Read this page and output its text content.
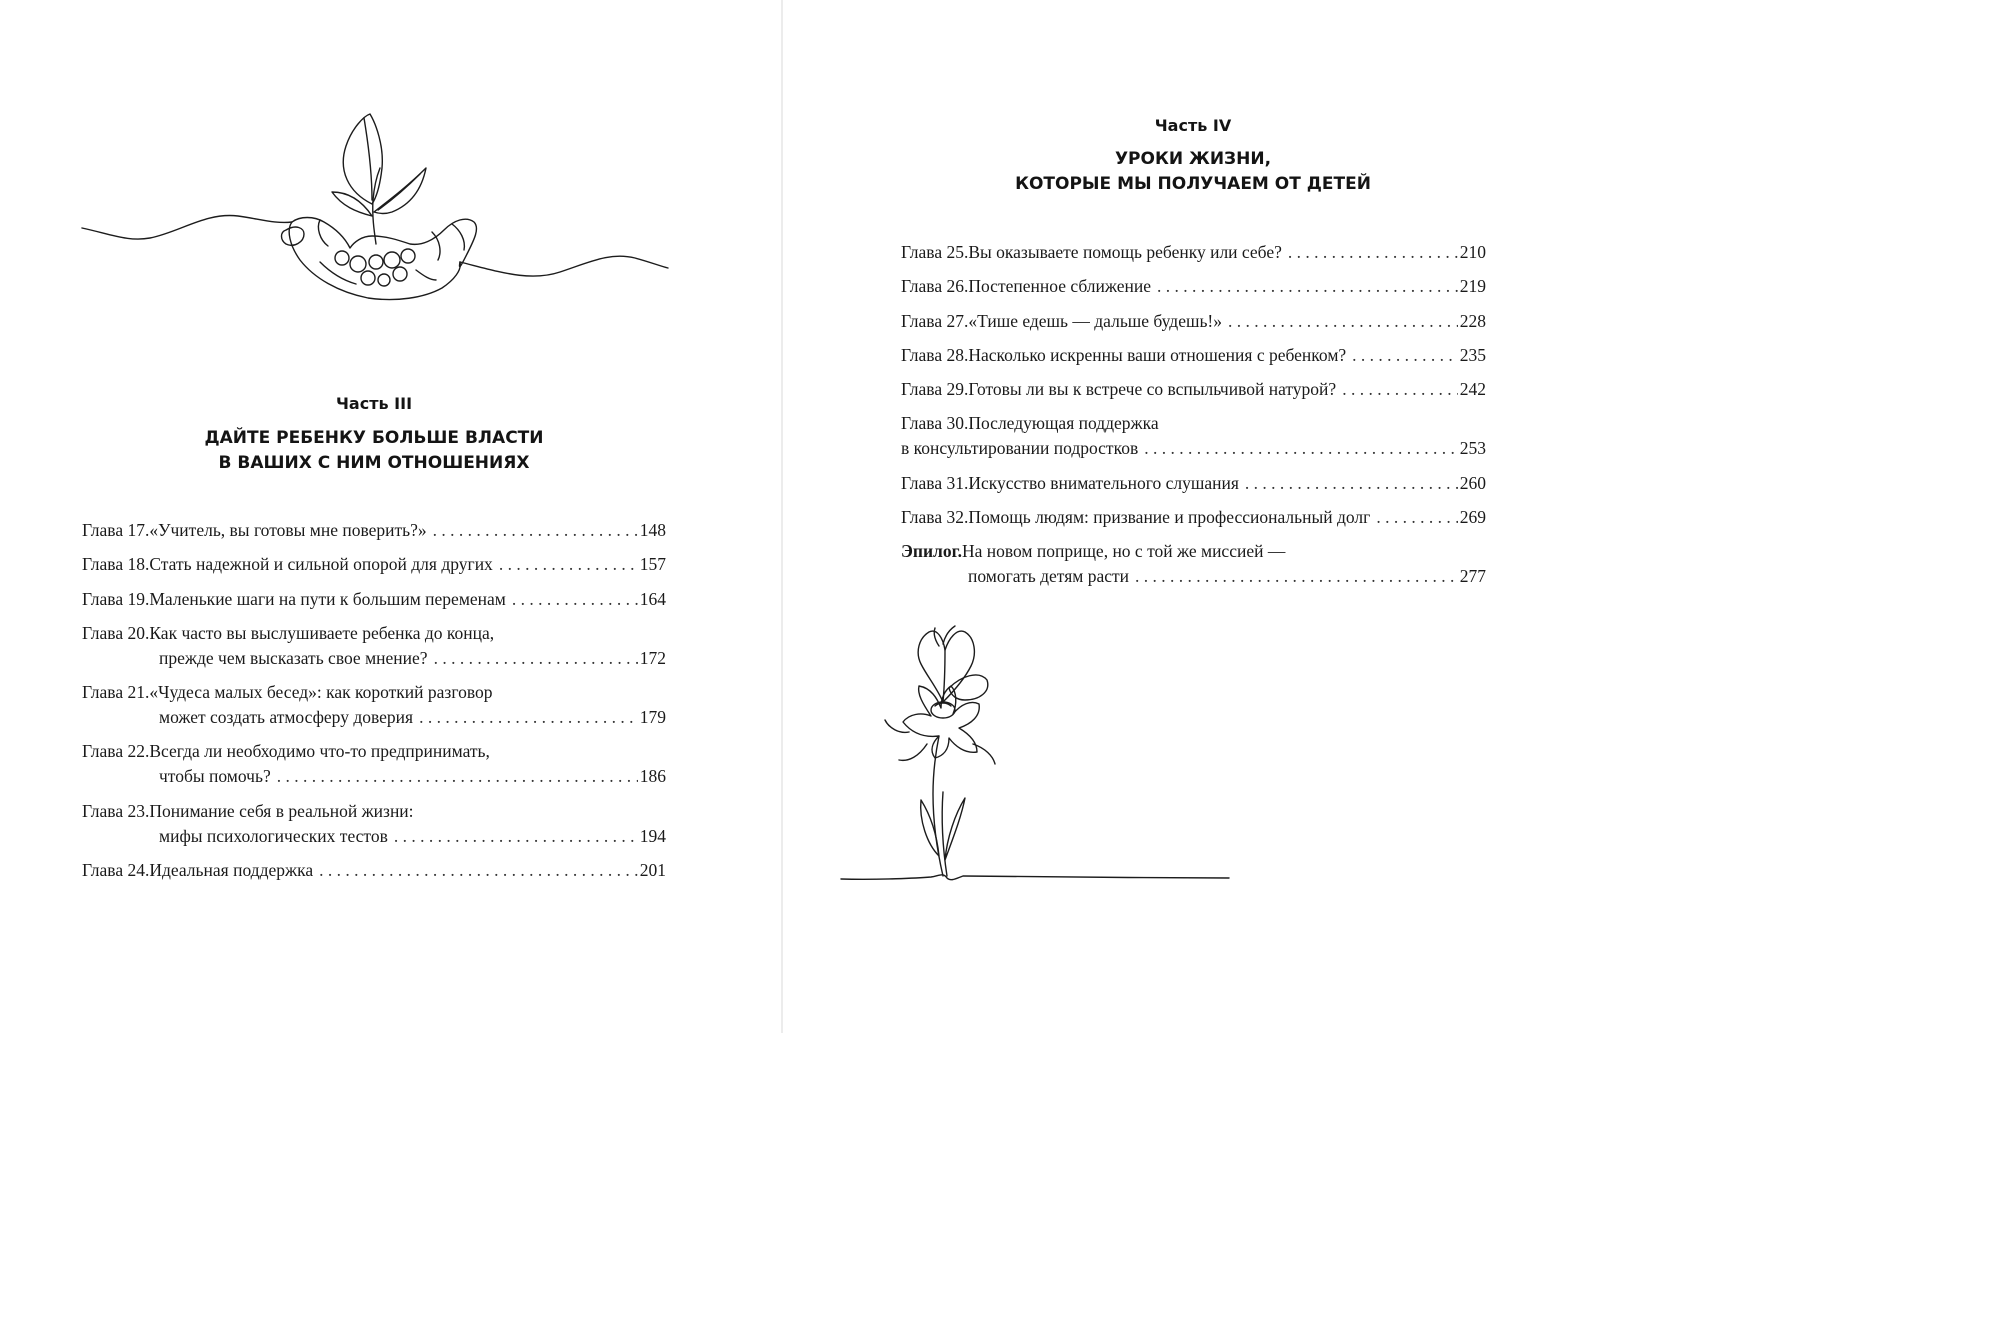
Часть III
ДАЙТЕ РЕБЕНКУ БОЛЬШЕ ВЛАСТИ
В ВАШИХ С НИМ ОТНОШЕНИЯХ
Глава 17. «Учитель, вы готовы мне поверить?» . . .	148
Глава 18. Стать надежной и сильной опорой для других . . .	157
Глава 19. Маленькие шаги на пути к большим переменам . . .	164
Глава 20. Как часто вы выслушиваете ребенка до конца,
прежде чем высказать свое мнение? . . .	172
Глава 21. «Чудеса малых бесед»: как короткий разговор
может создать атмосферу доверия . . .	179
Глава 22. Всегда ли необходимо что-то предпринимать,
чтобы помочь? . . .	186
Глава 23. Понимание себя в реальной жизни:
мифы психологических тестов . . .	194
Глава 24. Идеальная поддержка . . .	201
Часть IV
УРОКИ ЖИЗНИ,
КОТОРЫЕ МЫ ПОЛУЧАЕМ ОТ ДЕТЕЙ
Глава 25. Вы оказываете помощь ребенку или себе? . . .	210
Глава 26. Постепенное сближение . . .	219
Глава 27. «Тише едешь — дальше будешь!» . . .	228
Глава 28. Насколько искренны ваши отношения с ребенком? . . .	235
Глава 29. Готовы ли вы к встрече со вспыльчивой натурой? . . .	242
Глава 30. Последующая поддержка
в консультировании подростков . . .	253
Глава 31. Искусство внимательного слушания . . .	260
Глава 32. Помощь людям: призвание и профессиональный долг . . .	269
Эпилог. На новом поприще, но с той же миссией —
помогать детям расти . . .	277
